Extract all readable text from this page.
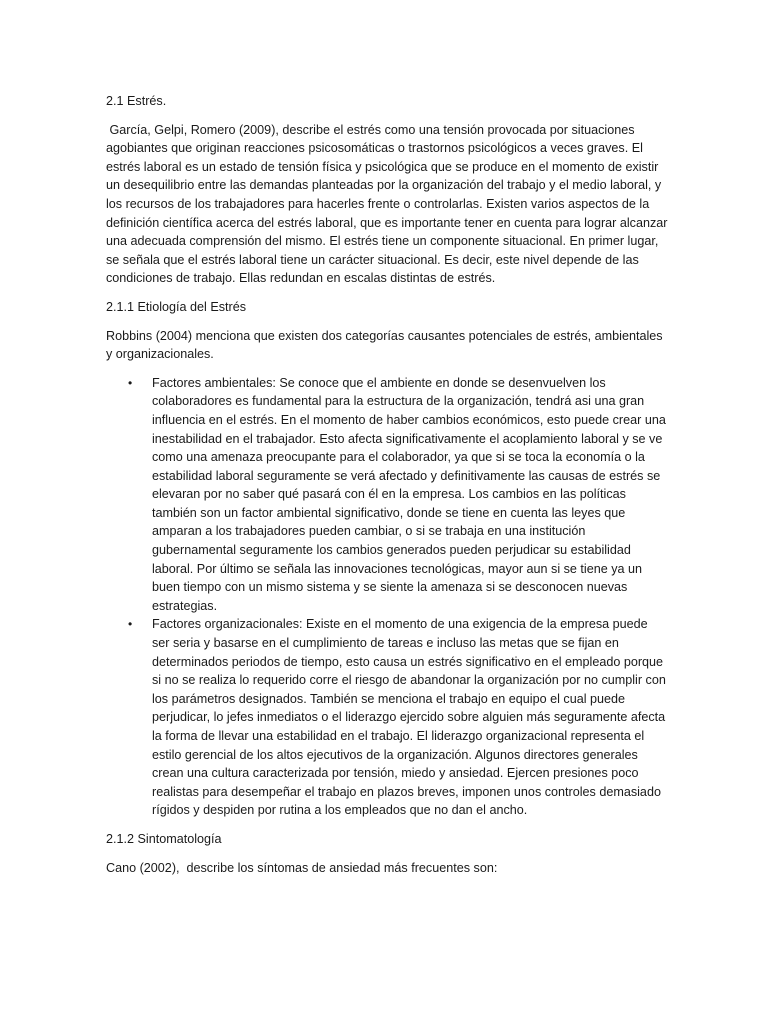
2.1 Estrés.
García, Gelpi, Romero (2009), describe el estrés como una tensión provocada por situaciones agobiantes que originan reacciones psicosomáticas o trastornos psicológicos a veces graves. El estrés laboral es un estado de tensión física y psicológica que se produce en el momento de existir un desequilibrio entre las demandas planteadas por la organización del trabajo y el medio laboral, y los recursos de los trabajadores para hacerles frente o controlarlas. Existen varios aspectos de la definición científica acerca del estrés laboral, que es importante tener en cuenta para lograr alcanzar una adecuada comprensión del mismo. El estrés tiene un componente situacional. En primer lugar, se señala que el estrés laboral tiene un carácter situacional. Es decir, este nivel depende de las condiciones de trabajo. Ellas redundan en escalas distintas de estrés.
2.1.1 Etiología del Estrés
Robbins (2004) menciona que existen dos categorías causantes potenciales de estrés, ambientales y organizacionales.
• Factores ambientales: Se conoce que el ambiente en donde se desenvuelven los colaboradores es fundamental para la estructura de la organización, tendrá asi una gran influencia en el estrés. En el momento de haber cambios económicos, esto puede crear una inestabilidad en el trabajador. Esto afecta significativamente el acoplamiento laboral y se ve como una amenaza preocupante para el colaborador, ya que si se toca la economía o la estabilidad laboral seguramente se verá afectado y definitivamente las causas de estrés se elevaran por no saber qué pasará con él en la empresa. Los cambios en las políticas también son un factor ambiental significativo, donde se tiene en cuenta las leyes que amparan a los trabajadores pueden cambiar, o si se trabaja en una institución gubernamental seguramente los cambios generados pueden perjudicar su estabilidad laboral. Por último se señala las innovaciones tecnológicas, mayor aun si se tiene ya un buen tiempo con un mismo sistema y se siente la amenaza si se desconocen nuevas estrategias.
• Factores organizacionales: Existe en el momento de una exigencia de la empresa puede ser seria y basarse en el cumplimiento de tareas e incluso las metas que se fijan en determinados periodos de tiempo, esto causa un estrés significativo en el empleado porque si no se realiza lo requerido corre el riesgo de abandonar la organización por no cumplir con los parámetros designados. También se menciona el trabajo en equipo el cual puede perjudicar, lo jefes inmediatos o el liderazgo ejercido sobre alguien más seguramente afecta la forma de llevar una estabilidad en el trabajo. El liderazgo organizacional representa el estilo gerencial de los altos ejecutivos de la organización. Algunos directores generales crean una cultura caracterizada por tensión, miedo y ansiedad. Ejercen presiones poco realistas para desempeñar el trabajo en plazos breves, imponen unos controles demasiado rígidos y despiden por rutina a los empleados que no dan el ancho.
2.1.2 Sintomatología
Cano (2002),  describe los síntomas de ansiedad más frecuentes son:
